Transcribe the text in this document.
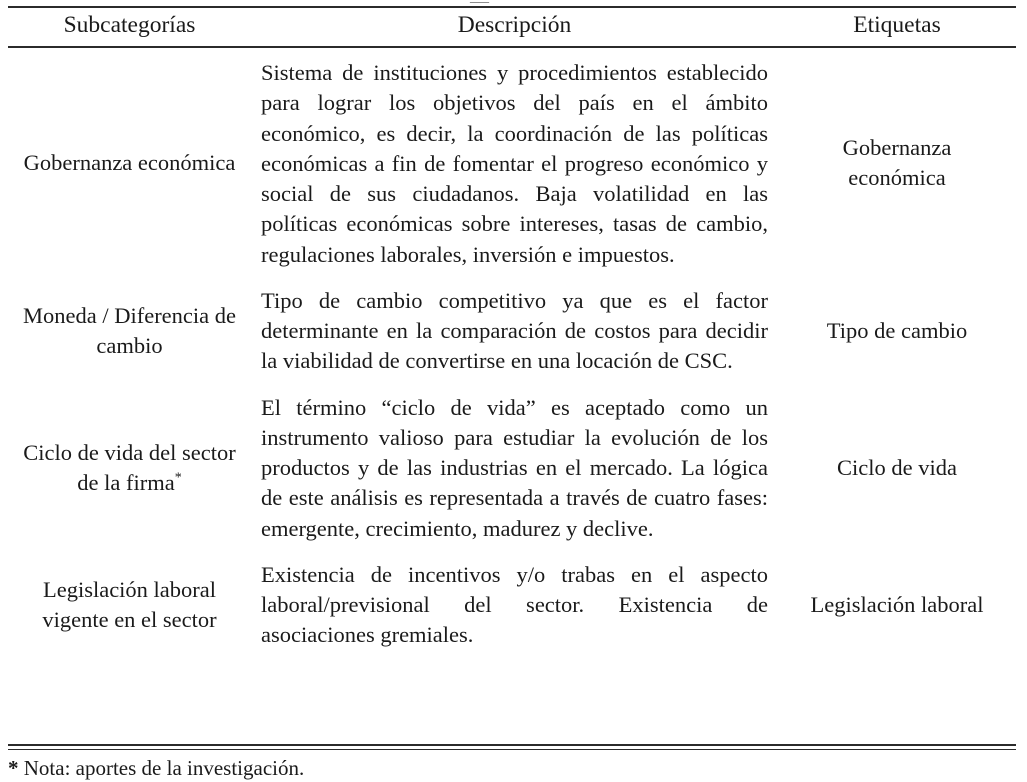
—
Subcategorías	Descripción	Etiquetas
Gobernanza económica	Sistema de instituciones y procedimientos establecido para lograr los objetivos del país en el ámbito económico, es decir, la coordinación de las políticas económicas a fin de fomentar el progreso económico y social de sus ciudadanos. Baja volatilidad en las políticas económicas sobre intereses, tasas de cambio, regulaciones laborales, inversión e impuestos.	Gobernanza económica
Moneda / Diferencia de cambio	Tipo de cambio competitivo ya que es el factor determinante en la comparación de costos para decidir la viabilidad de convertirse en una locación de CSC.	Tipo de cambio
Ciclo de vida del sector de la firma*	El término “ciclo de vida” es aceptado como un instrumento valioso para estudiar la evolución de los productos y de las industrias en el mercado. La lógica de este análisis es representada a través de cuatro fases: emergente, crecimiento, madurez y declive.	Ciclo de vida
Legislación laboral vigente en el sector	Existencia de incentivos y/o trabas en el aspecto laboral/previsional del sector. Existencia de asociaciones gremiales.	Legislación laboral
* Nota: aportes de la investigación.
